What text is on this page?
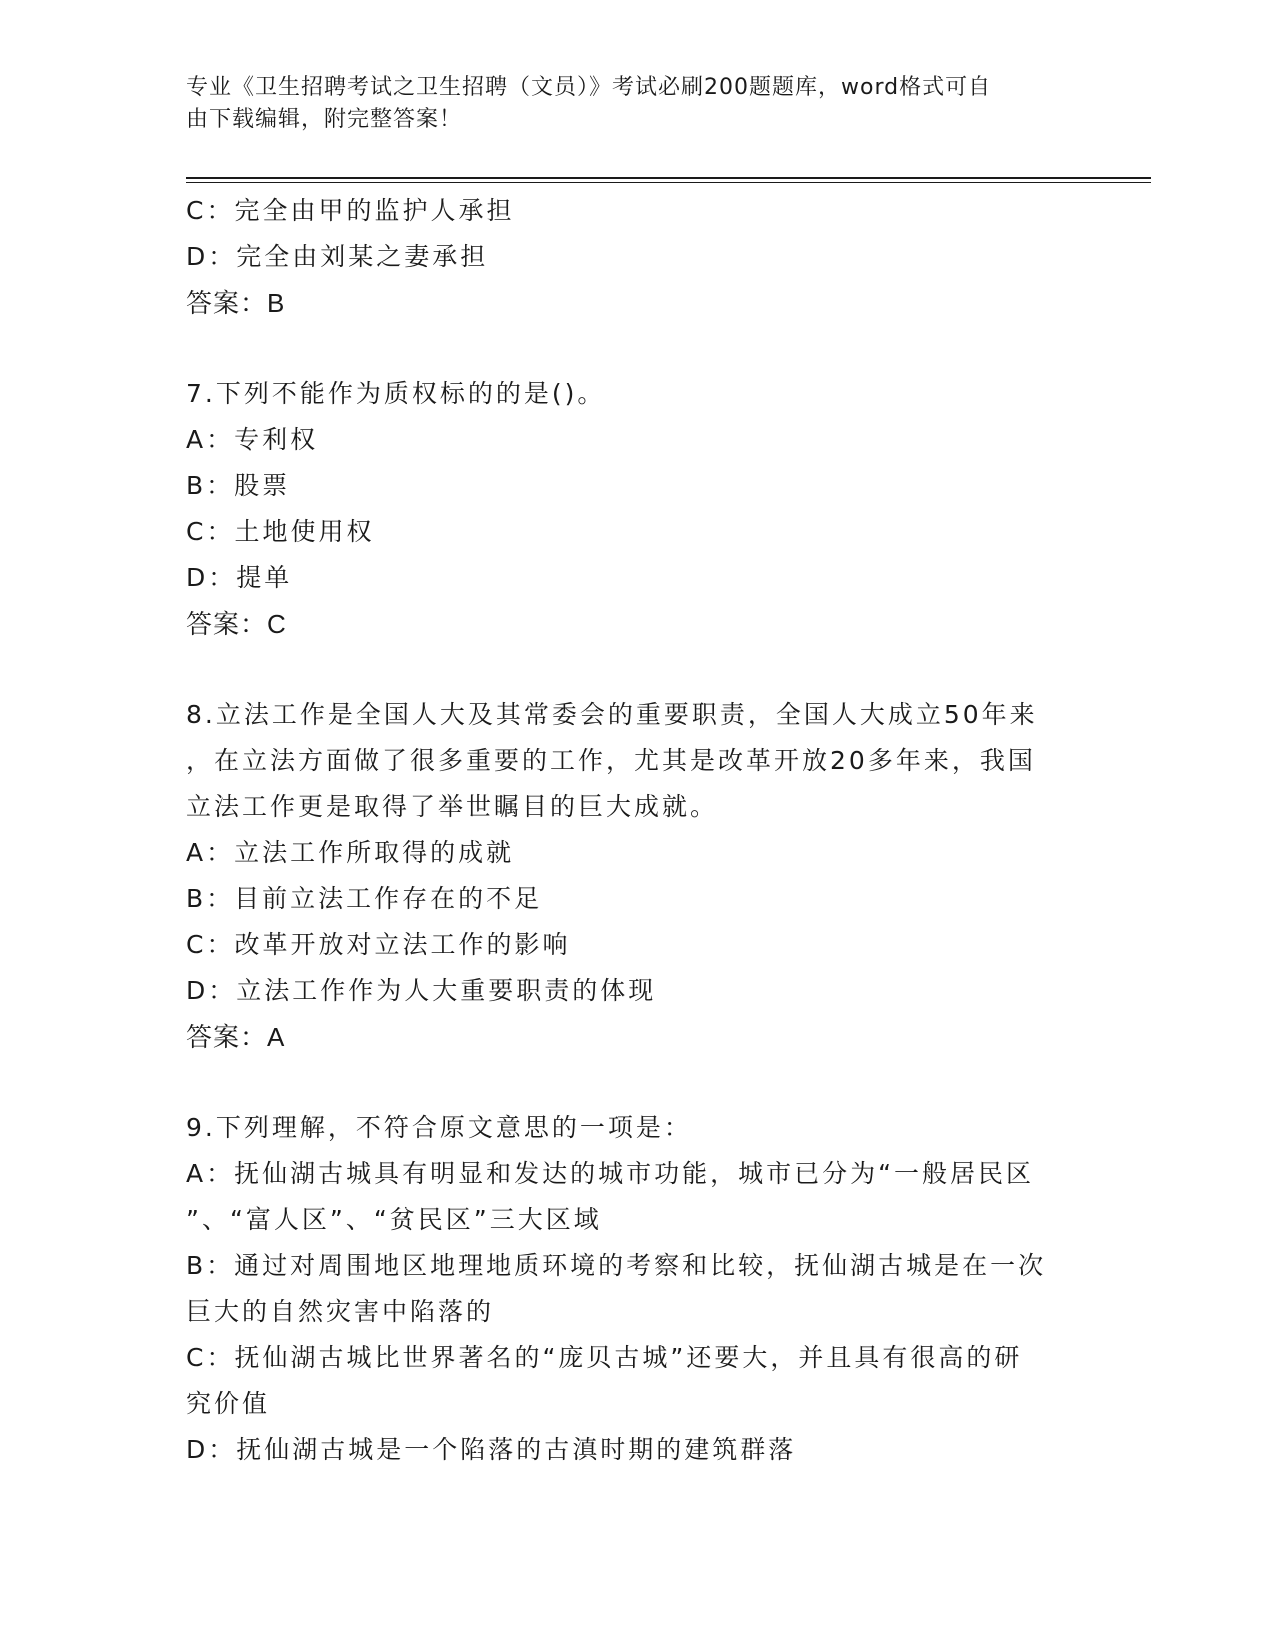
专业《卫生招聘考试之卫生招聘（文员）》考试必刷200题题库，word格式可自
由下载编辑，附完整答案！
C：完全由甲的监护人承担
D：完全由刘某之妻承担
答案：B
7.下列不能作为质权标的的是()。
A：专利权
B：股票
C：土地使用权
D：提单
答案：C
8.立法工作是全国人大及其常委会的重要职责，全国人大成立50年来
，在立法方面做了很多重要的工作，尤其是改革开放20多年来，我国
立法工作更是取得了举世瞩目的巨大成就。
A：立法工作所取得的成就
B：目前立法工作存在的不足
C：改革开放对立法工作的影响
D：立法工作作为人大重要职责的体现
答案：A
9.下列理解，不符合原文意思的一项是：
A：抚仙湖古城具有明显和发达的城市功能，城市已分为“一般居民区
”、“富人区”、“贫民区”三大区域
B：通过对周围地区地理地质环境的考察和比较，抚仙湖古城是在一次
巨大的自然灾害中陷落的
C：抚仙湖古城比世界著名的“庞贝古城”还要大，并且具有很高的研
究价值
D：抚仙湖古城是一个陷落的古滇时期的建筑群落
